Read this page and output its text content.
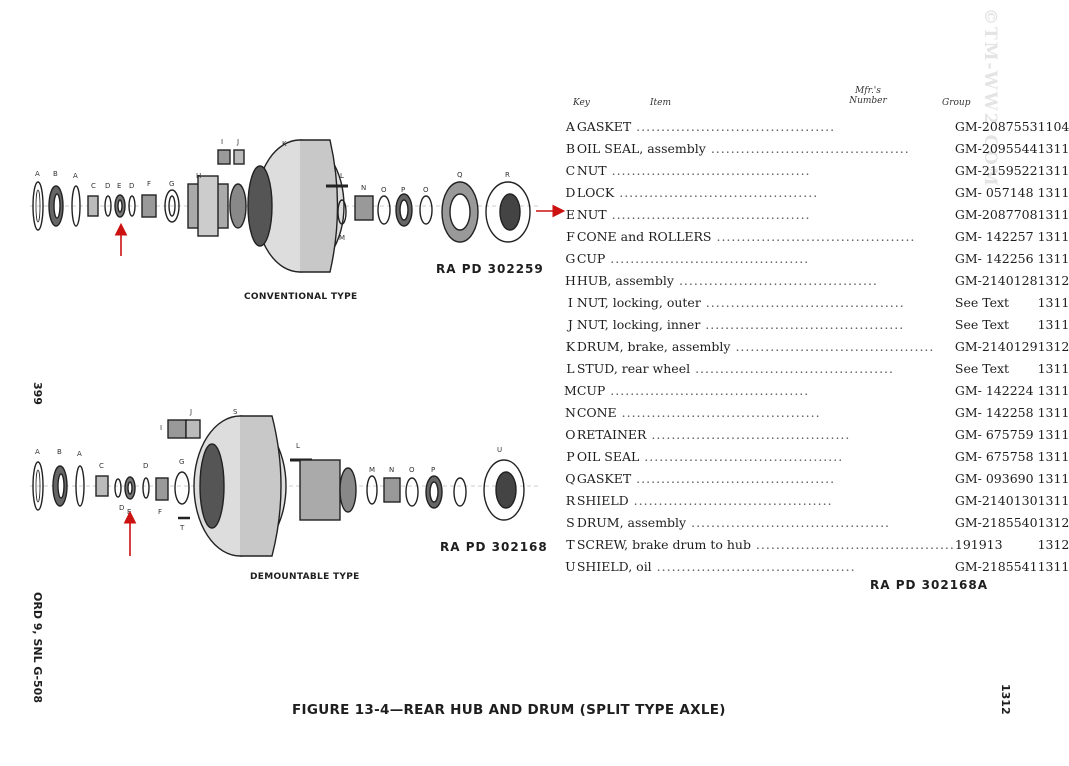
©TM-WW2.COM
399
ORD 9, SNL G-508	1312
A B A
C D E D F	G
H
I J	K
L
M
N O P	O
Q	R
A B A
C
D E
D
F
G
I
J	S
T
L
M N O P
U
CONVENTIONAL TYPE
RA PD 302259
DEMOUNTABLE TYPE
RA PD 302168
Key	Item
Mfr.'s Number	Group
A	GASKET ........................................	GM-2087553	1104
B	OIL SEAL, assembly ........................................	GM-2095544	1311
C	NUT ........................................	GM-2159522	1311
D	LOCK ........................................	GM- 057148	1311
E	NUT ........................................	GM-2087708	1311
F	CONE and ROLLERS ........................................	GM- 142257	1311
G	CUP ........................................	GM- 142256	1311
H	HUB, assembly ........................................	GM-2140128	1312
I	NUT, locking, outer ........................................	See Text	1311
J	NUT, locking, inner ........................................	See Text	1311
K	DRUM, brake, assembly ........................................	GM-2140129	1312
L	STUD, rear wheel ........................................	See Text	1311
M	CUP ........................................	GM- 142224	1311
N	CONE ........................................	GM- 142258	1311
O	RETAINER ........................................	GM- 675759	1311
P	OIL SEAL ........................................	GM- 675758	1311
Q	GASKET ........................................	GM- 093690	1311
R	SHIELD ........................................	GM-2140130	1311
S	DRUM, assembly ........................................	GM-2185540	1312
T	SCREW, brake drum to hub ........................................	191913	1312
U	SHIELD, oil ........................................	GM-2185541	1311
RA PD 302168A
FIGURE 13-4—REAR HUB AND DRUM (SPLIT TYPE AXLE)
